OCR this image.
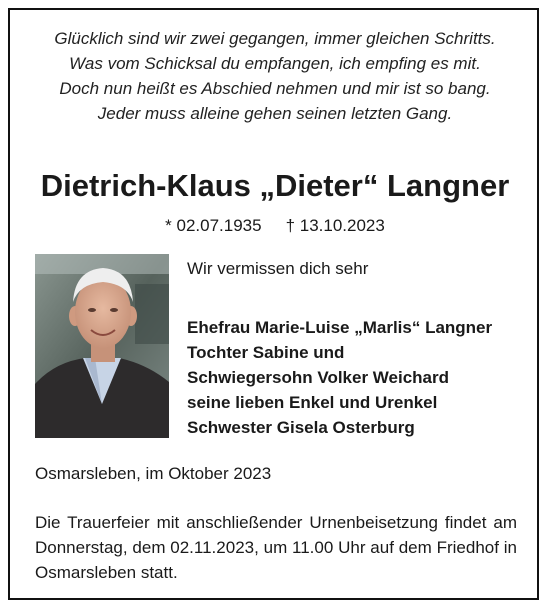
Glücklich sind wir zwei gegangen, immer gleichen Schritts.
Was vom Schicksal du empfangen, ich empfing es mit.
Doch nun heißt es Abschied nehmen und mir ist so bang.
Jeder muss alleine gehen seinen letzten Gang.
Dietrich-Klaus „Dieter“ Langner
* 02.07.1935 † 13.10.2023
Wir vermissen dich sehr
Ehefrau Marie-Luise „Marlis“ Langner
Tochter Sabine und
Schwiegersohn Volker Weichard
seine lieben Enkel und Urenkel
Schwester Gisela Osterburg
Osmarsleben, im Oktober 2023
Die Trauerfeier mit anschließender Urnenbeisetzung findet am Donnerstag, dem 02.11.2023, um 11.00 Uhr auf dem Friedhof in Osmarsleben statt.
